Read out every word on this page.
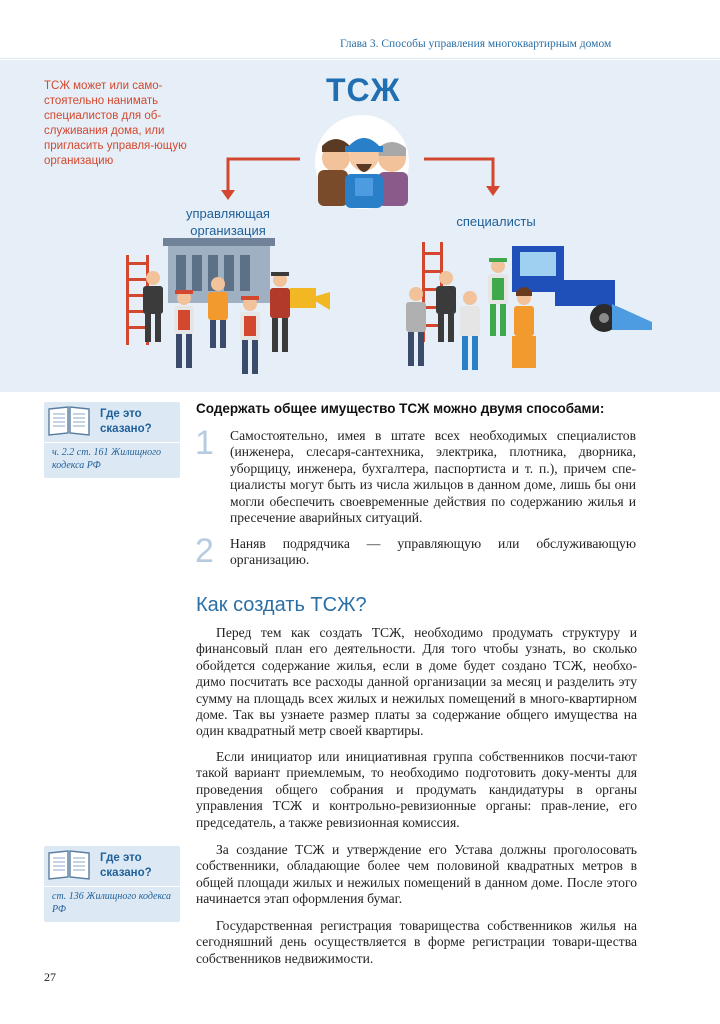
Глава 3. Способы управления многоквартирным домом
ТСЖ может или само-стоятельно нанимать специалистов для об-служивания дома, или пригласить управля-ющую организацию
ТСЖ
управляющая организация
специалисты
Где это сказано?
ч. 2.2 ст. 161 Жилищного кодекса РФ
Где это сказано?
ст. 136 Жилищного кодекса РФ
Содержать общее имущество ТСЖ можно двумя способами:
1 Самостоятельно, имея в штате всех необходимых специалистов (инженера, слесаря-сантехника, электрика, плотника, дворника, уборщицу, инженера, бухгалтера, паспортиста и т. п.), причем спе-циалисты могут быть из числа жильцов в данном доме, лишь бы они могли обеспечить своевременные действия по содержанию жилья и пресечение аварийных ситуаций.
2 Наняв подрядчика — управляющую или обслуживающую организацию.
Как создать ТСЖ?
Перед тем как создать ТСЖ, необходимо продумать структуру и финансовый план его деятельности. Для того чтобы узнать, во сколько обойдется содержание жилья, если в доме будет создано ТСЖ, необхо-димо посчитать все расходы данной организации за месяц и разделить эту сумму на площадь всех жилых и нежилых помещений в много-квартирном доме. Так вы узнаете размер платы за содержание общего имущества на один квадратный метр своей квартиры.
Если инициатор или инициативная группа собственников посчи-тают такой вариант приемлемым, то необходимо подготовить доку-менты для проведения общего собрания и продумать кандидатуры в органы управления ТСЖ и контрольно-ревизионные органы: прав-ление, его председатель, а также ревизионная комиссия.
За создание ТСЖ и утверждение его Устава должны проголосовать собственники, обладающие более чем половиной квадратных метров в общей площади жилых и нежилых помещений в данном доме. После этого начинается этап оформления бумаг.
Государственная регистрация товарищества собственников жилья на сегодняшний день осуществляется в форме регистрации товари-щества собственников недвижимости.
27
